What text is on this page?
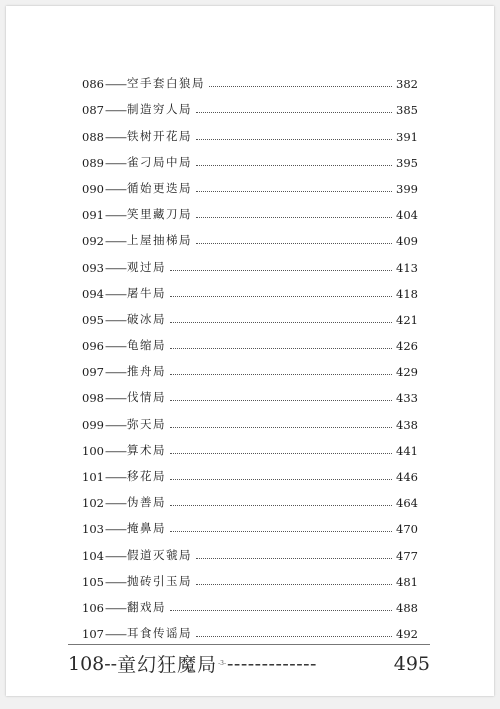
086 —— 空手套白狼局	382
087 —— 制造穷人局	385
088 —— 铁树开花局	391
089 —— 雀刁局中局	395
090 —— 循始更迭局	399
091 —— 笑里藏刀局	404
092 —— 上屋抽梯局	409
093 —— 观过局	413
094 —— 屠牛局	418
095 —— 破冰局	421
096 —— 龟缩局	426
097 —— 推舟局	429
098 —— 伐情局	433
099 —— 弥天局	438
100 —— 算术局	441
101 —— 移花局	446
102 —— 伪善局	464
103 —— 掩鼻局	470
104 —— 假道灭虢局	477
105 —— 抛砖引玉局	481
106 —— 翻戏局	488
107 —— 耳食传谣局	492
108 -- 童幻狂魔局 -3- -------------	495
